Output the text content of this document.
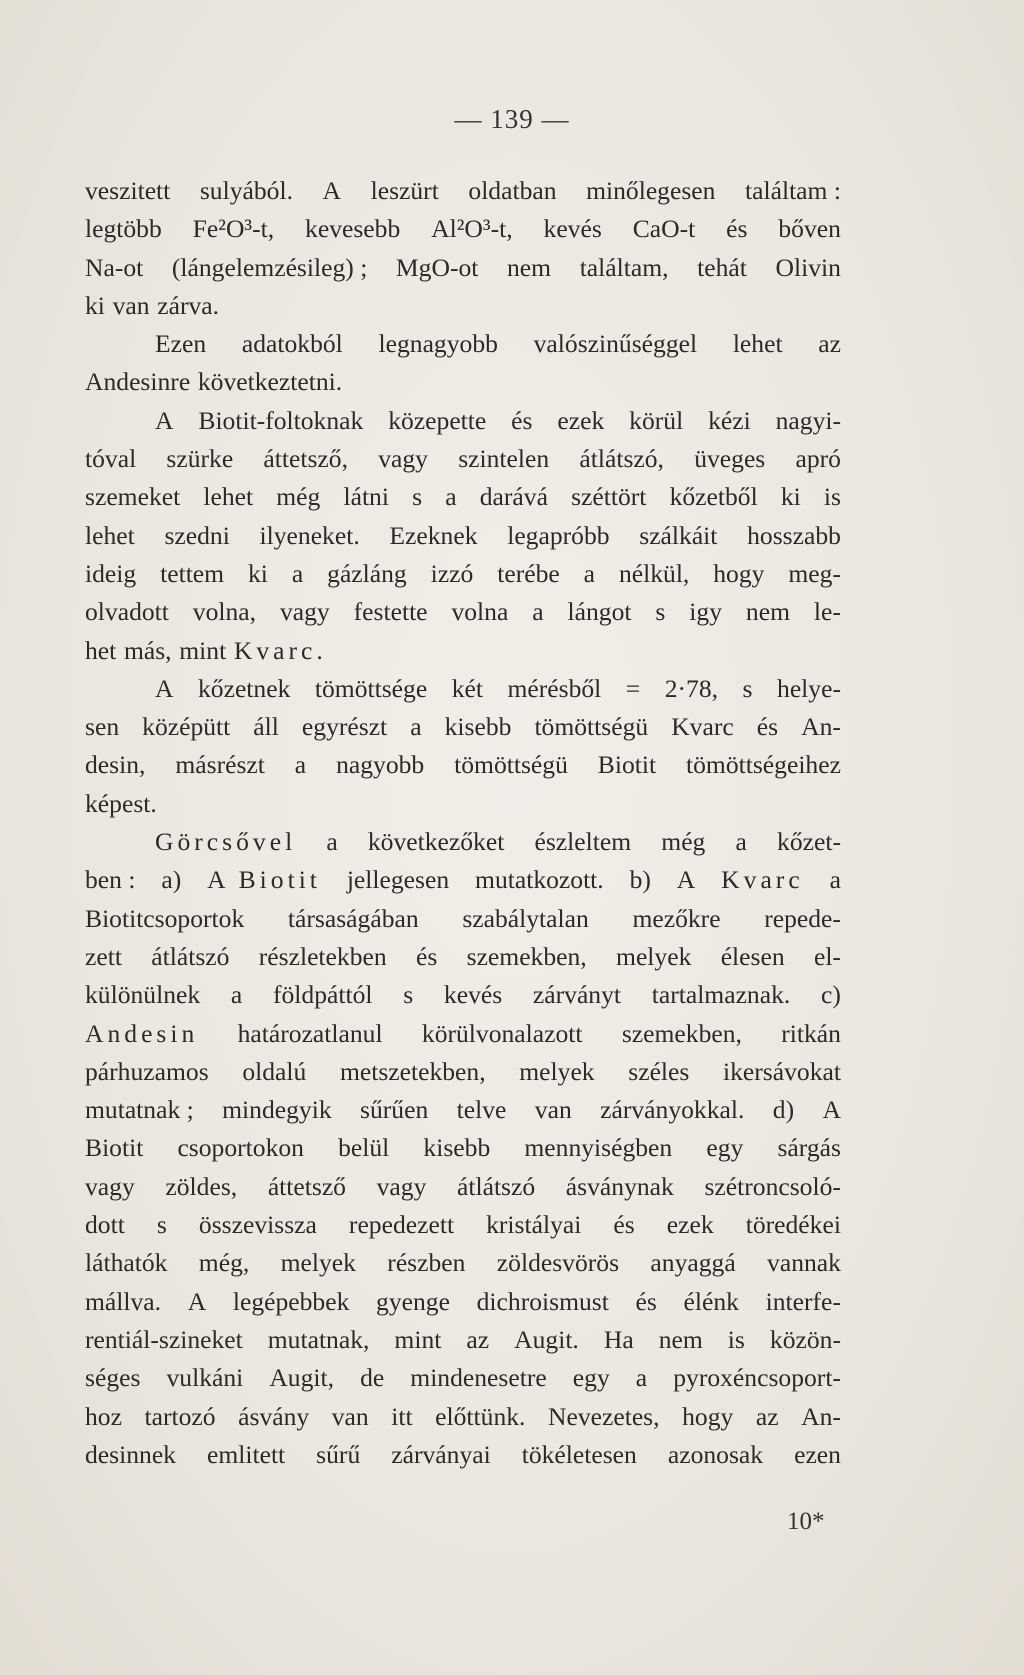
— 139 —
veszitett sulyából. A leszürt oldatban minőlegesen találtam :
legtöbb Fe²O³-t, kevesebb Al²O³-t, kevés CaO-t és bőven
Na-ot (lángelemzésileg) ; MgO-ot nem találtam, tehát Olivin
ki van zárva.
Ezen adatokból legnagyobb valószinűséggel lehet az
Andesinre következtetni.
A Biotit-foltoknak közepette és ezek körül kézi nagyi-
tóval szürke áttetsző, vagy szintelen átlátszó, üveges apró
szemeket lehet még látni s a darává széttört kőzetből ki is
lehet szedni ilyeneket. Ezeknek legapróbb szálkáit hosszabb
ideig tettem ki a gázláng izzó terébe a nélkül, hogy meg-
olvadott volna, vagy festette volna a lángot s igy nem le-
het más, mint Kvarc.
A kőzetnek tömöttsége két mérésből = 2·78, s helye-
sen középütt áll egyrészt a kisebb tömöttségü Kvarc és An-
desin, másrészt a nagyobb tömöttségü Biotit tömöttségeihez
képest.
Görcsővel a következőket észleltem még a kőzet-
ben : a) A Biotit jellegesen mutatkozott. b) A Kvarc a
Biotitcsoportok társaságában szabálytalan mezőkre repede-
zett átlátszó részletekben és szemekben, melyek élesen el-
különülnek a földpáttól s kevés zárványt tartalmaznak. c)
Andesin határozatlanul körülvonalazott szemekben, ritkán
párhuzamos oldalú metszetekben, melyek széles ikersávokat
mutatnak ; mindegyik sűrűen telve van zárványokkal. d) A
Biotit csoportokon belül kisebb mennyiségben egy sárgás
vagy zöldes, áttetsző vagy átlátszó ásványnak szétroncsoló-
dott s összevissza repedezett kristályai és ezek töredékei
láthatók még, melyek részben zöldesvörös anyaggá vannak
mállva. A legépebbek gyenge dichroismust és élénk interfe-
rentiál-szineket mutatnak, mint az Augit. Ha nem is közön-
séges vulkáni Augit, de mindenesetre egy a pyroxéncsoport-
hoz tartozó ásvány van itt előttünk. Nevezetes, hogy az An-
desinnek emlitett sűrű zárványai tökéletesen azonosak ezen
10*
